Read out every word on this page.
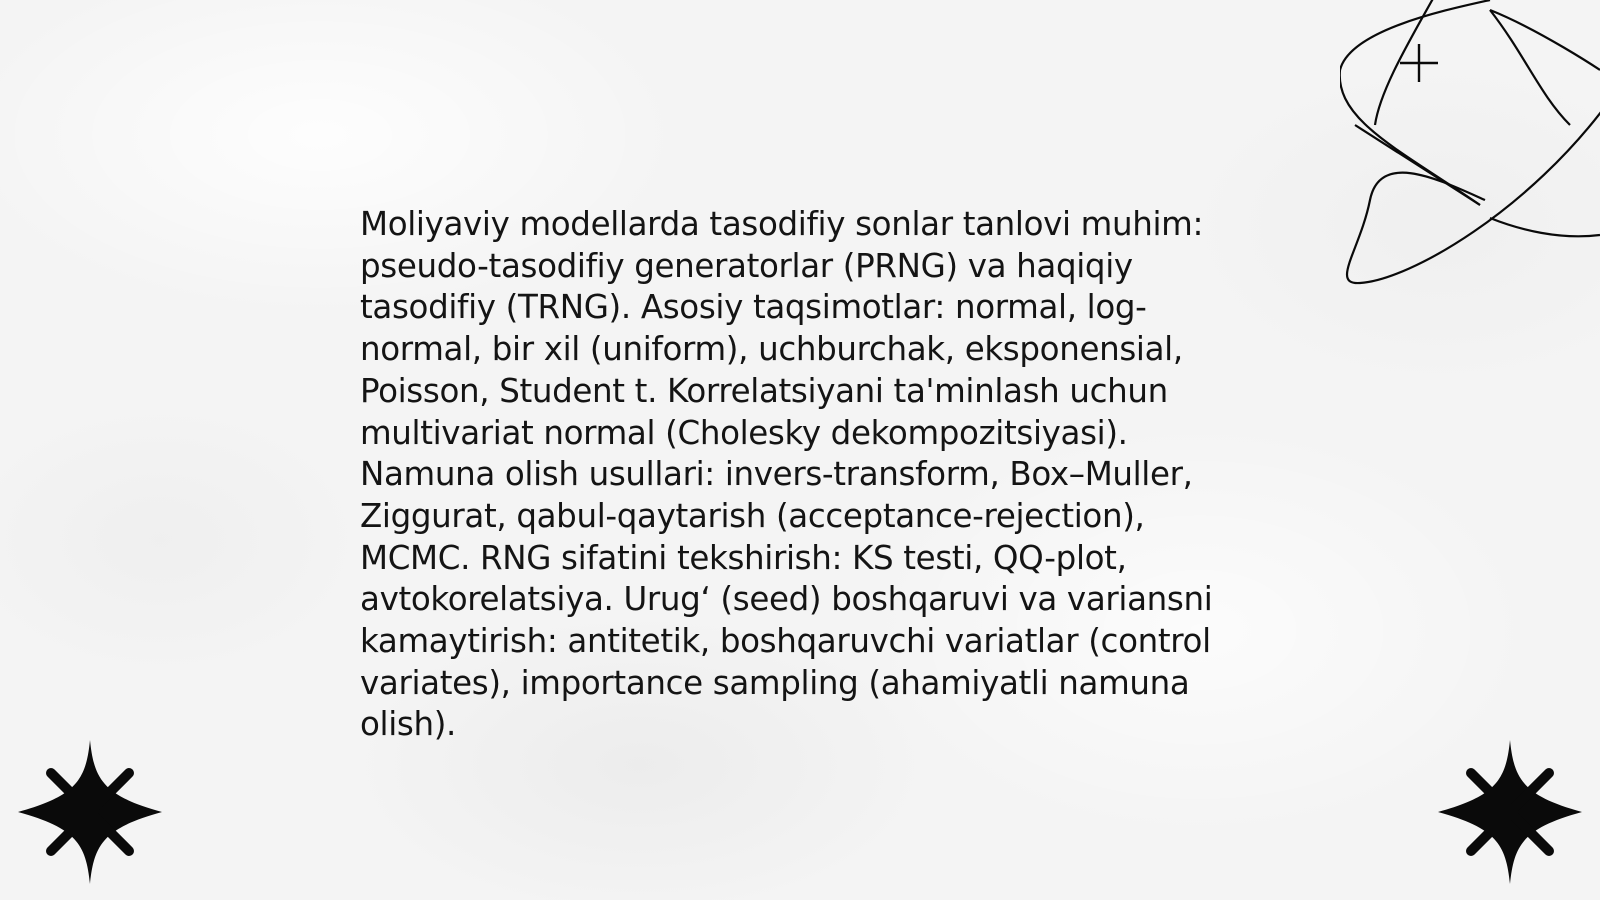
Moliyaviy modellarda tasodifiy sonlar tanlovi muhim:
pseudo-tasodifiy generatorlar (PRNG) va haqiqiy
tasodifiy (TRNG). Asosiy taqsimotlar: normal, log-
normal, bir xil (uniform), uchburchak, eksponensial,
Poisson, Student t. Korrelatsiyani ta'minlash uchun
multivariat normal (Cholesky dekompozitsiyasi).
Namuna olish usullari: invers-transform, Box–Muller,
Ziggurat, qabul-qaytarish (acceptance-rejection),
MCMC. RNG sifatini tekshirish: KS testi, QQ-plot,
avtokorelatsiya. Urug‘ (seed) boshqaruvi va variansni
kamaytirish: antitetik, boshqaruvchi variatlar (control
variates), importance sampling (ahamiyatli namuna
olish).
